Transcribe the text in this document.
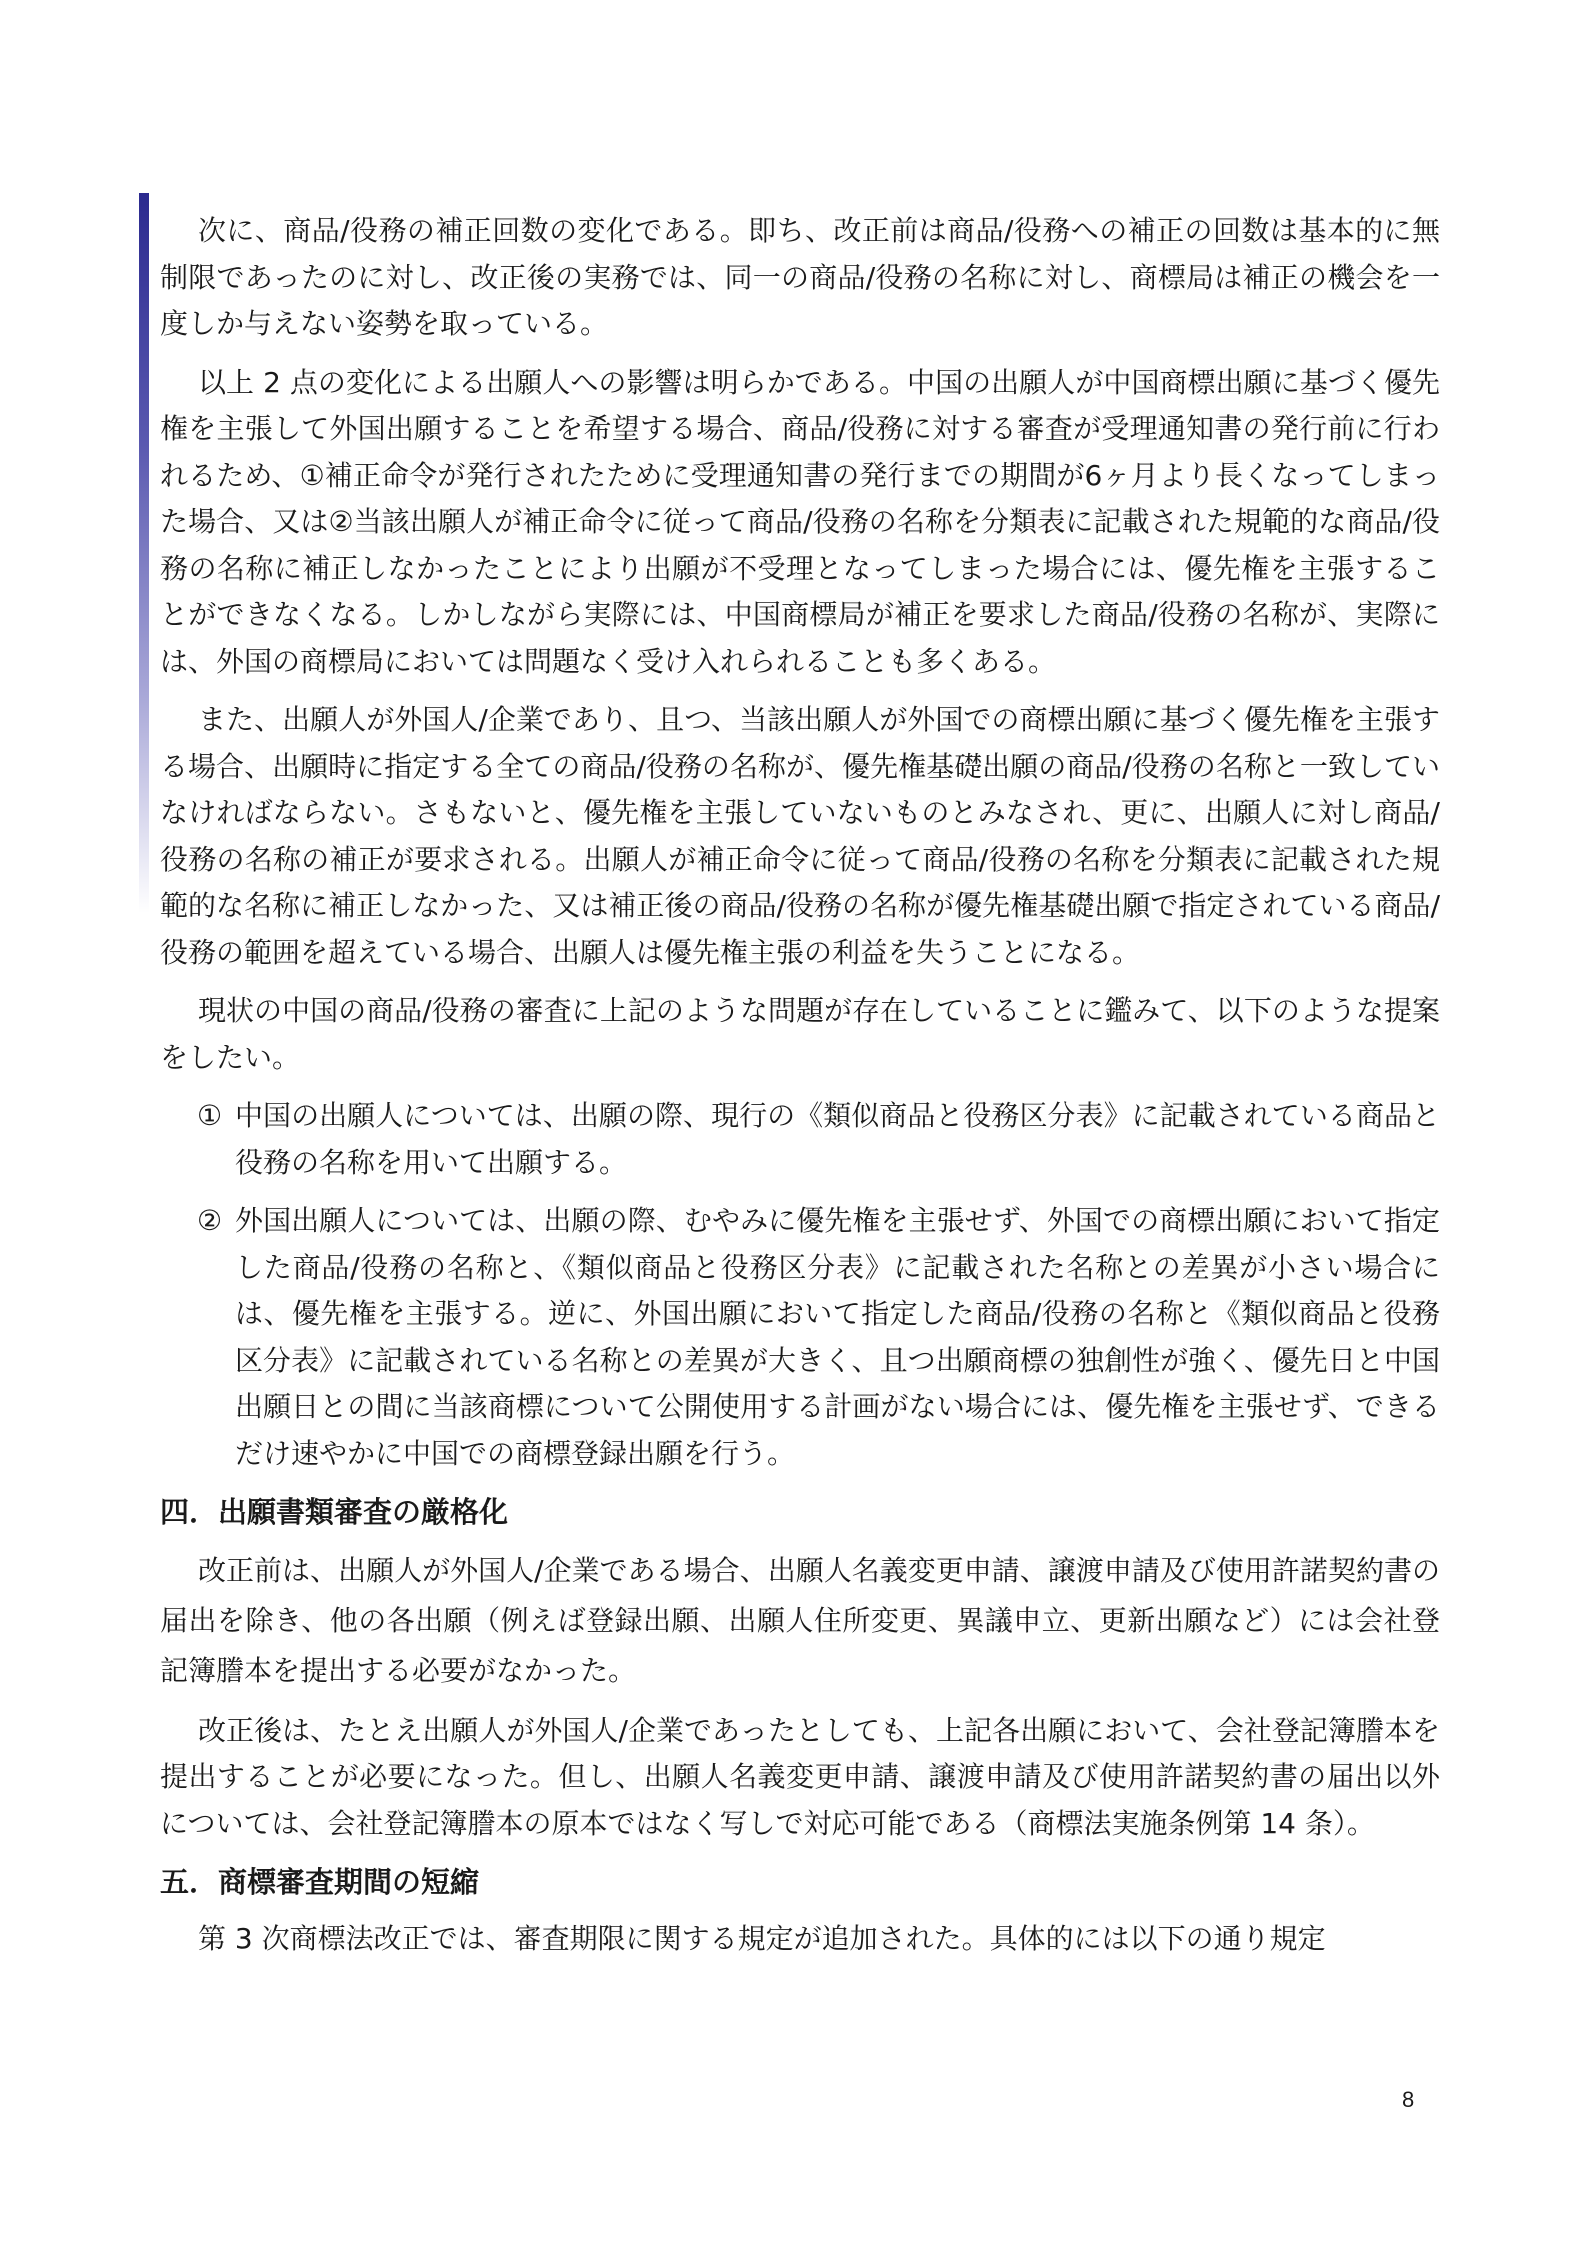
次に、商品/役務の補正回数の変化である。即ち、改正前は商品/役務への補正の回数は基本的に無制限であったのに対し、改正後の実務では、同一の商品/役務の名称に対し、商標局は補正の機会を一度しか与えない姿勢を取っている。

以上 2 点の変化による出願人への影響は明らかである。中国の出願人が中国商標出願に基づく優先権を主張して外国出願することを希望する場合、商品/役務に対する審査が受理通知書の発行前に行われるため、①補正命令が発行されたために受理通知書の発行までの期間が6ヶ月より長くなってしまった場合、又は②当該出願人が補正命令に従って商品/役務の名称を分類表に記載された規範的な商品/役務の名称に補正しなかったことにより出願が不受理となってしまった場合には、優先権を主張することができなくなる。しかしながら実際には、中国商標局が補正を要求した商品/役務の名称が、実際には、外国の商標局においては問題なく受け入れられることも多くある。

また、出願人が外国人/企業であり、且つ、当該出願人が外国での商標出願に基づく優先権を主張する場合、出願時に指定する全ての商品/役務の名称が、優先権基礎出願の商品/役務の名称と一致していなければならない。さもないと、優先権を主張していないものとみなされ、更に、出願人に対し商品/役務の名称の補正が要求される。出願人が補正命令に従って商品/役務の名称を分類表に記載された規範的な名称に補正しなかった、又は補正後の商品/役務の名称が優先権基礎出願で指定されている商品/役務の範囲を超えている場合、出願人は優先権主張の利益を失うことになる。

現状の中国の商品/役務の審査に上記のような問題が存在していることに鑑みて、以下のような提案をしたい。

① 中国の出願人については、出願の際、現行の《類似商品と役務区分表》に記載されている商品と役務の名称を用いて出願する。
② 外国出願人については、出願の際、むやみに優先権を主張せず、外国での商標出願において指定した商品/役務の名称と、《類似商品と役務区分表》に記載された名称との差異が小さい場合には、優先権を主張する。逆に、外国出願において指定した商品/役務の名称と《類似商品と役務区分表》に記載されている名称との差異が大きく、且つ出願商標の独創性が強く、優先日と中国出願日との間に当該商標について公開使用する計画がない場合には、優先権を主張せず、できるだけ速やかに中国での商標登録出願を行う。
四．出願書類審査の厳格化

改正前は、出願人が外国人/企業である場合、出願人名義変更申請、譲渡申請及び使用許諾契約書の届出を除き、他の各出願（例えば登録出願、出願人住所変更、異議申立、更新出願など）には会社登記簿謄本を提出する必要がなかった。

改正後は、たとえ出願人が外国人/企業であったとしても、上記各出願において、会社登記簿謄本を提出することが必要になった。但し、出願人名義変更申請、譲渡申請及び使用許諾契約書の届出以外については、会社登記簿謄本の原本ではなく写しで対応可能である（商標法実施条例第 14 条）。

五．商標審査期間の短縮

第 3 次商標法改正では、審査期限に関する規定が追加された。具体的には以下の通り規定

8
